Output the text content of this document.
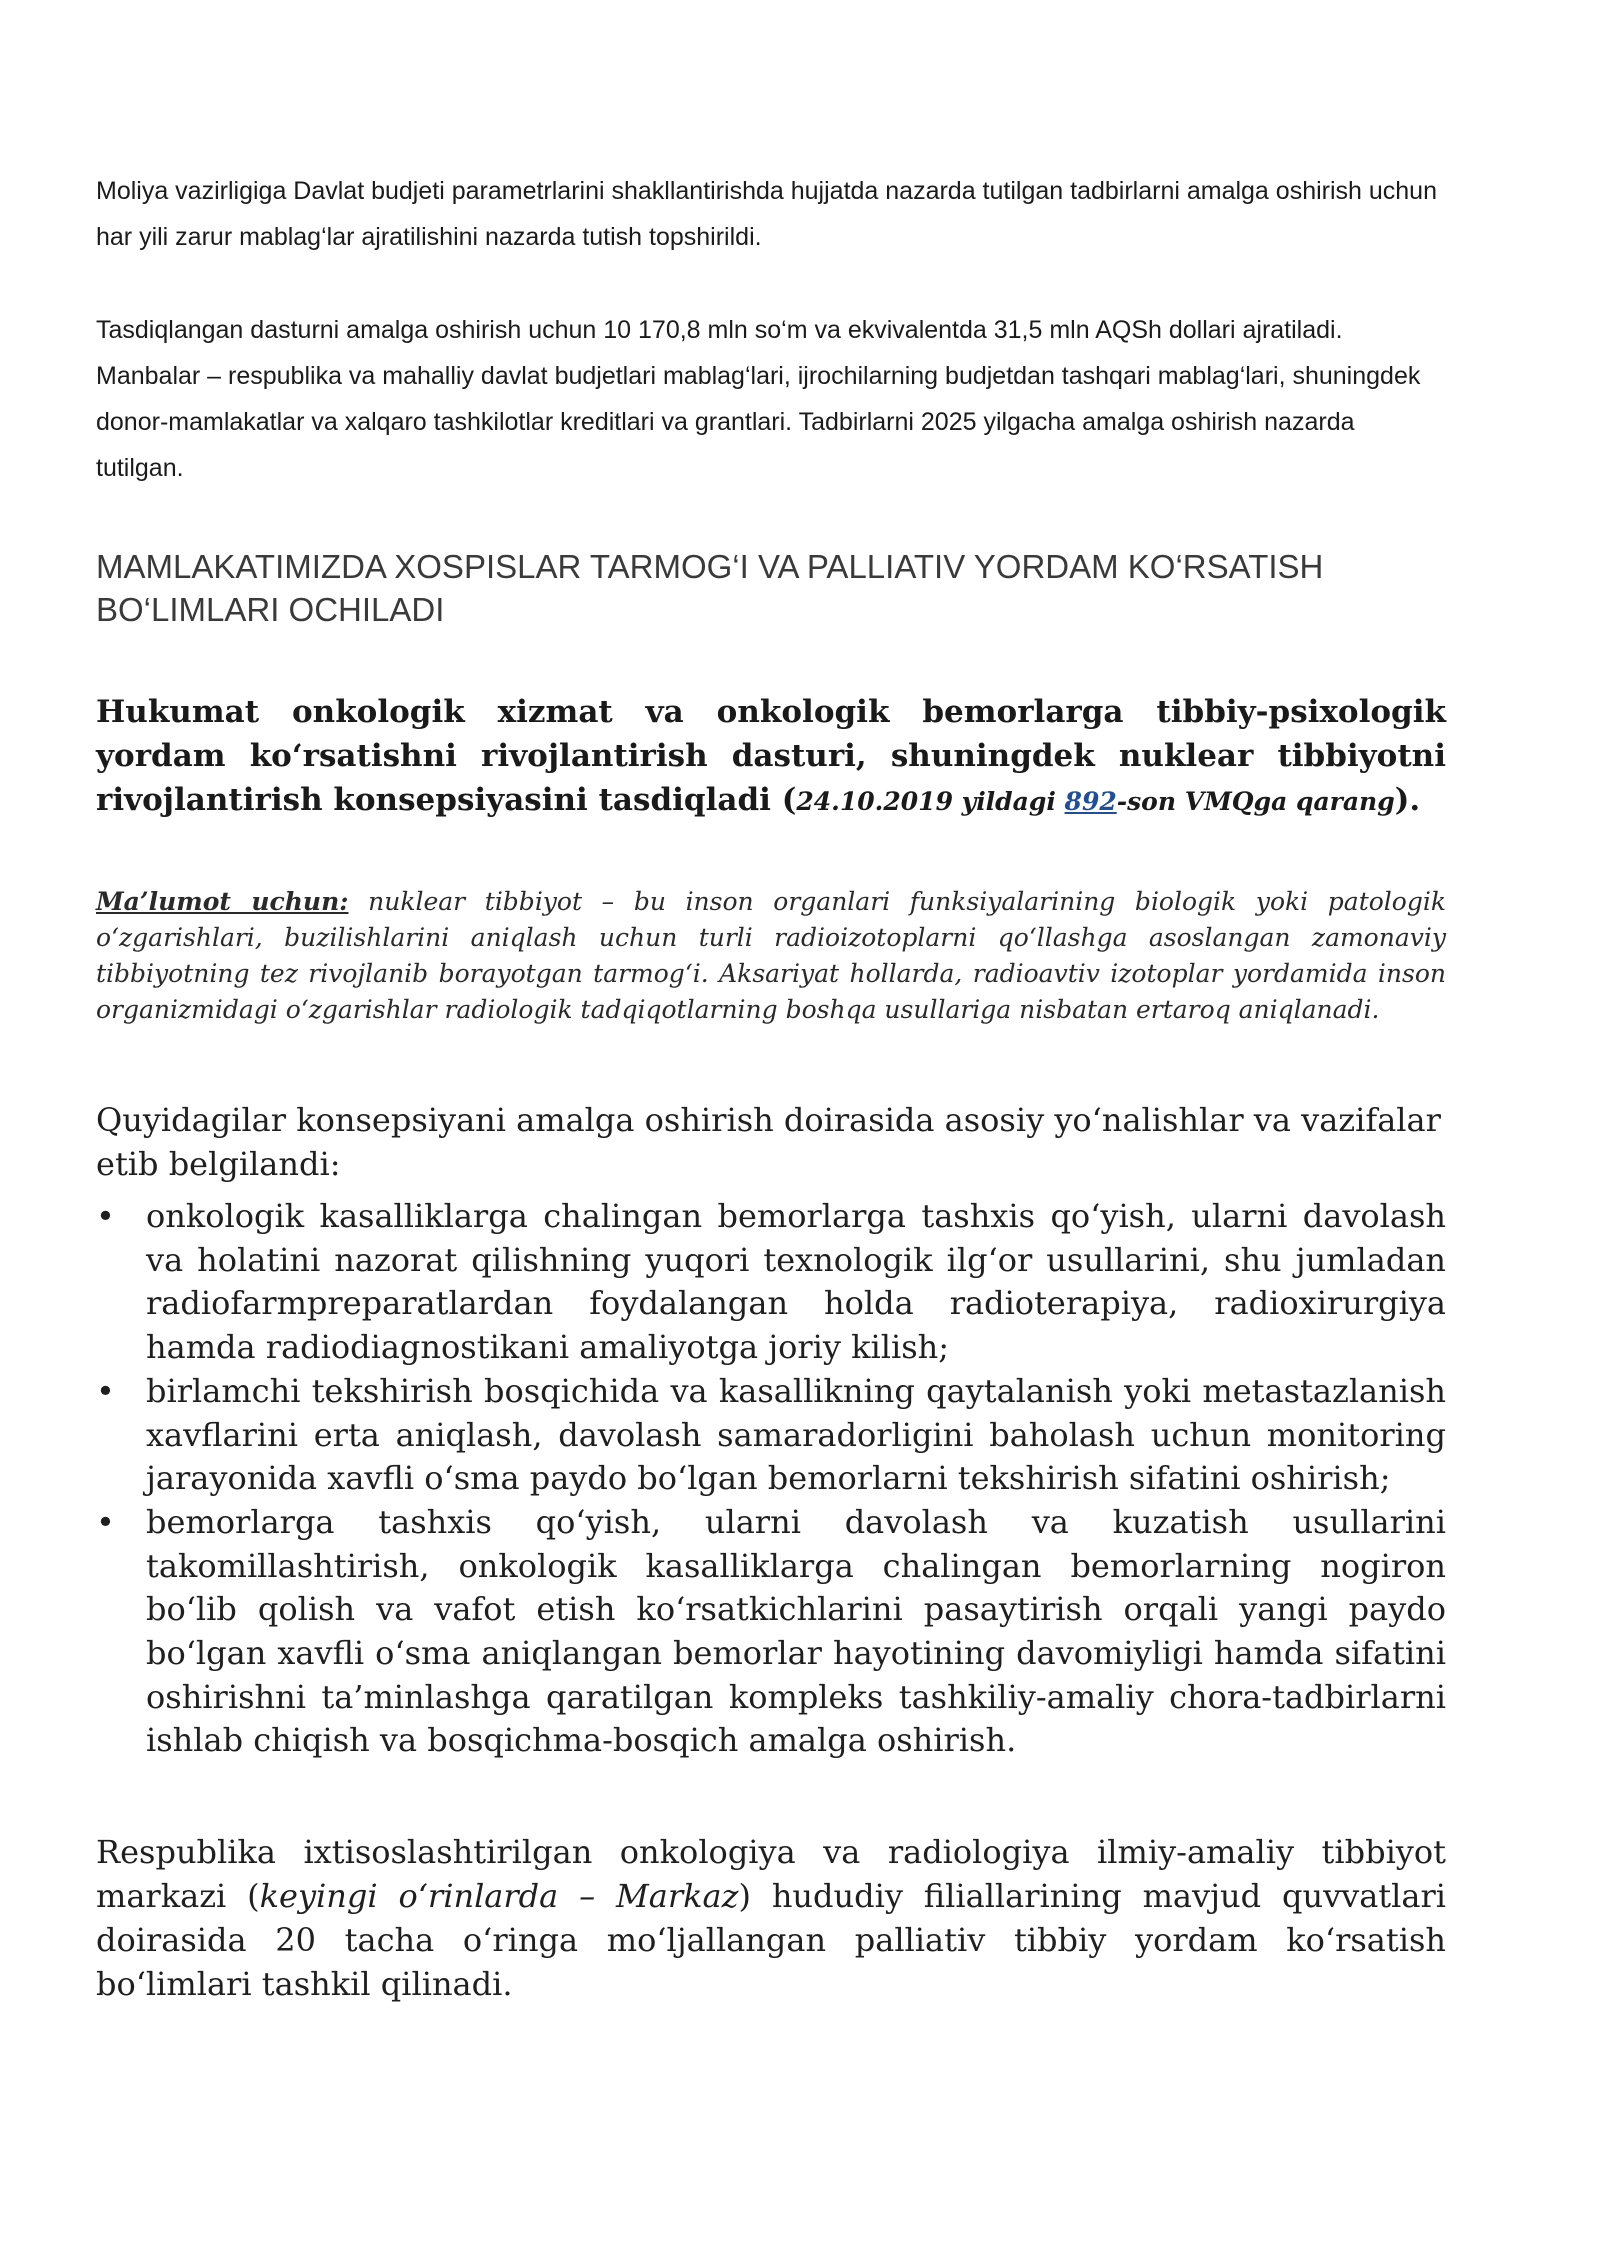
Moliya vazirligiga Davlat budjeti parametrlarini shakllantirishda hujjatda nazarda tutilgan tadbirlarni amalga oshirish uchun har yili zarur mablag‘lar ajratilishini nazarda tutish topshirildi.

Tasdiqlangan dasturni amalga oshirish uchun 10 170,8 mln so‘m va ekvivalentda 31,5 mln AQSh dollari ajratiladi. Manbalar – respublika va mahalliy davlat budjetlari mablag‘lari, ijrochilarning budjetdan tashqari mablag‘lari, shuningdek donor-mamlakatlar va xalqaro tashkilotlar kreditlari va grantlari. Tadbirlarni 2025 yilgacha amalga oshirish nazarda tutilgan.

MAMLAKATIMIZDA XOSPISLAR TARMOG‘I VA PALLIATIV YORDAM KO‘RSATISH BO‘LIMLARI OCHILADI

Hukumat onkologik xizmat va onkologik bemorlarga tibbiy-psixologik yordam ko‘rsatishni rivojlantirish dasturi, shuningdek nuklear tibbiyotni rivojlantirish konsepsiyasini tasdiqladi (24.10.2019 yildagi 892-son VMQga qarang).

Ma’lumot uchun: nuklear tibbiyot – bu inson organlari funksiyalarining biologik yoki patologik o‘zgarishlari, buzilishlarini aniqlash uchun turli radioizotoplarni qo‘llashga asoslangan zamonaviy tibbiyotning tez rivojlanib borayotgan tarmog‘i. Aksariyat hollarda, radioavtiv izotoplar yordamida inson organizmidagi o‘zgarishlar radiologik tadqiqotlarning boshqa usullariga nisbatan ertaroq aniqlanadi.

Quyidagilar konsepsiyani amalga oshirish doirasida asosiy yo‘nalishlar va vazifalar etib belgilandi:

• onkologik kasalliklarga chalingan bemorlarga tashxis qo‘yish, ularni davolash va holatini nazorat qilishning yuqori texnologik ilg‘or usullarini, shu jumladan radiofarmpreparatlardan foydalangan holda radioterapiya, radioxirurgiya hamda radiodiagnostikani amaliyotga joriy kilish;
• birlamchi tekshirish bosqichida va kasallikning qaytalanish yoki metastazlanish xavflarini erta aniqlash, davolash samaradorligini baholash uchun monitoring jarayonida xavfli o‘sma paydo bo‘lgan bemorlarni tekshirish sifatini oshirish;
• bemorlarga tashxis qo‘yish, ularni davolash va kuzatish usullarini takomillashtirish, onkologik kasalliklarga chalingan bemorlarning nogiron bo‘lib qolish va vafot etish ko‘rsatkichlarini pasaytirish orqali yangi paydo bo‘lgan xavfli o‘sma aniqlangan bemorlar hayotining davomiyligi hamda sifatini oshirishni ta’minlashga qaratilgan kompleks tashkiliy-amaliy chora-tadbirlarni ishlab chiqish va bosqichma-bosqich amalga oshirish.

Respublika ixtisoslashtirilgan onkologiya va radiologiya ilmiy-amaliy tibbiyot markazi (keyingi o‘rinlarda – Markaz) hududiy filiallarining mavjud quvvatlari doirasida 20 tacha o‘ringa mo‘ljallangan palliativ tibbiy yordam ko‘rsatish bo‘limlari tashkil qilinadi.
